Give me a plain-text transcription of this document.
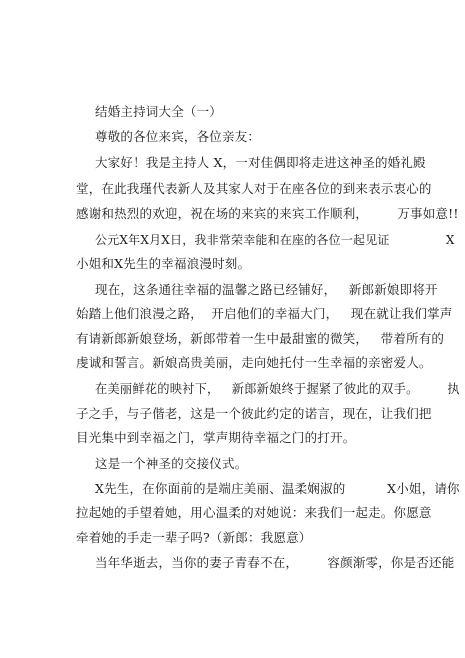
结婚主持词大全（一）
尊敬的各位来宾，各位亲友：
大家好！我是主持人 X，一对佳偶即将走进这神圣的婚礼殿
堂，在此我瑾代表新人及其家人对于在座各位的到来表示衷心的
感谢和热烈的欢迎，祝在场的来宾的来宾工作顺利，       万事如意!!
公元X年X月X日，我非常荣幸能和在座的各位一起见证              X
小姐和X先生的幸福浪漫时刻。
现在，这条通往幸福的温馨之路已经铺好，   新郎新娘即将开
始踏上他们浪漫之路，  开启他们的幸福大门，   现在就让我们掌声
有请新郎新娘登场，新郎带着一生中最甜蜜的微笑，   带着所有的
虔诚和誓言。新娘高贵美丽，走向她托付一生幸福的亲密爱人。
在美丽鲜花的映衬下，   新郎新娘终于握紧了彼此的双手。       执
子之手，与子偕老，这是一个彼此约定的诺言，现在，让我们把
目光集中到幸福之门，掌声期待幸福之门的打开。
这是一个神圣的交接仪式。
X先生，在你面前的是端庄美丽、温柔娴淑的          X小姐，请你
拉起她的手望着她，用心温柔的对她说：来我们一起走。你愿意
牵着她的手走一辈子吗?（新郎：我愿意）
当年华逝去，当你的妻子青春不在，       容颜渐零，你是否还能
